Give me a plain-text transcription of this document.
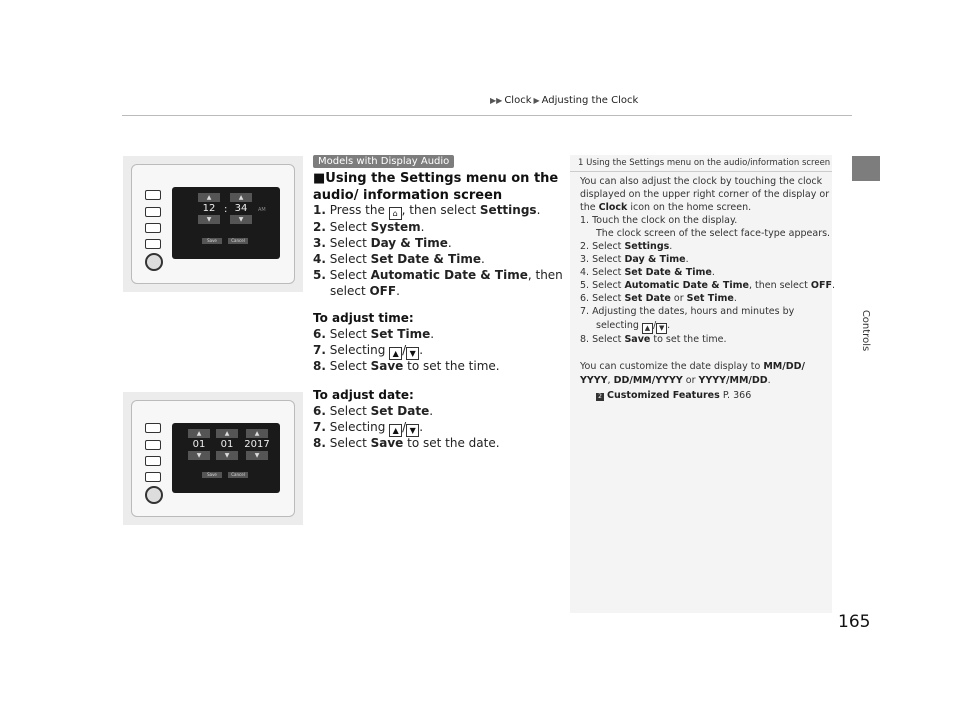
▶▶ Clock ▶ Adjusting the Clock
Controls
165
▲
12
▼
:
▲
34
▼
AM
Save	Cancel
▲
01
▼
▲
01
▼
▲
2017
▼
Save	Cancel
Models with Display Audio
■Using the Settings menu on the audio/ information screen
1. Press the ⌂ , then select Settings.
2. Select System.
3. Select Day & Time.
4. Select Set Date & Time.
5. Select Automatic Date & Time, then
select OFF.
To adjust time:
6. Select Set Time.
7. Selecting ▲ / ▼ .
8. Select Save to set the time.
To adjust date:
6. Select Set Date.
7. Selecting ▲ / ▼ .
8. Select Save to set the date.
1 Using the Settings menu on the audio/information screen
You can also adjust the clock by touching the clock
displayed on the upper right corner of the display or
the Clock icon on the home screen.
1. Touch the clock on the display.
The clock screen of the select face-type appears.
2. Select Settings.
3. Select Day & Time.
4. Select Set Date & Time.
5. Select Automatic Date & Time, then select OFF.
6. Select Set Date or Set Time.
7. Adjusting the dates, hours and minutes by
selecting ▲ / ▼ .
8. Select Save to set the time.
You can customize the date display to MM/DD/
YYYY, DD/MM/YYYY or YYYY/MM/DD.
2 Customized Features P. 366
